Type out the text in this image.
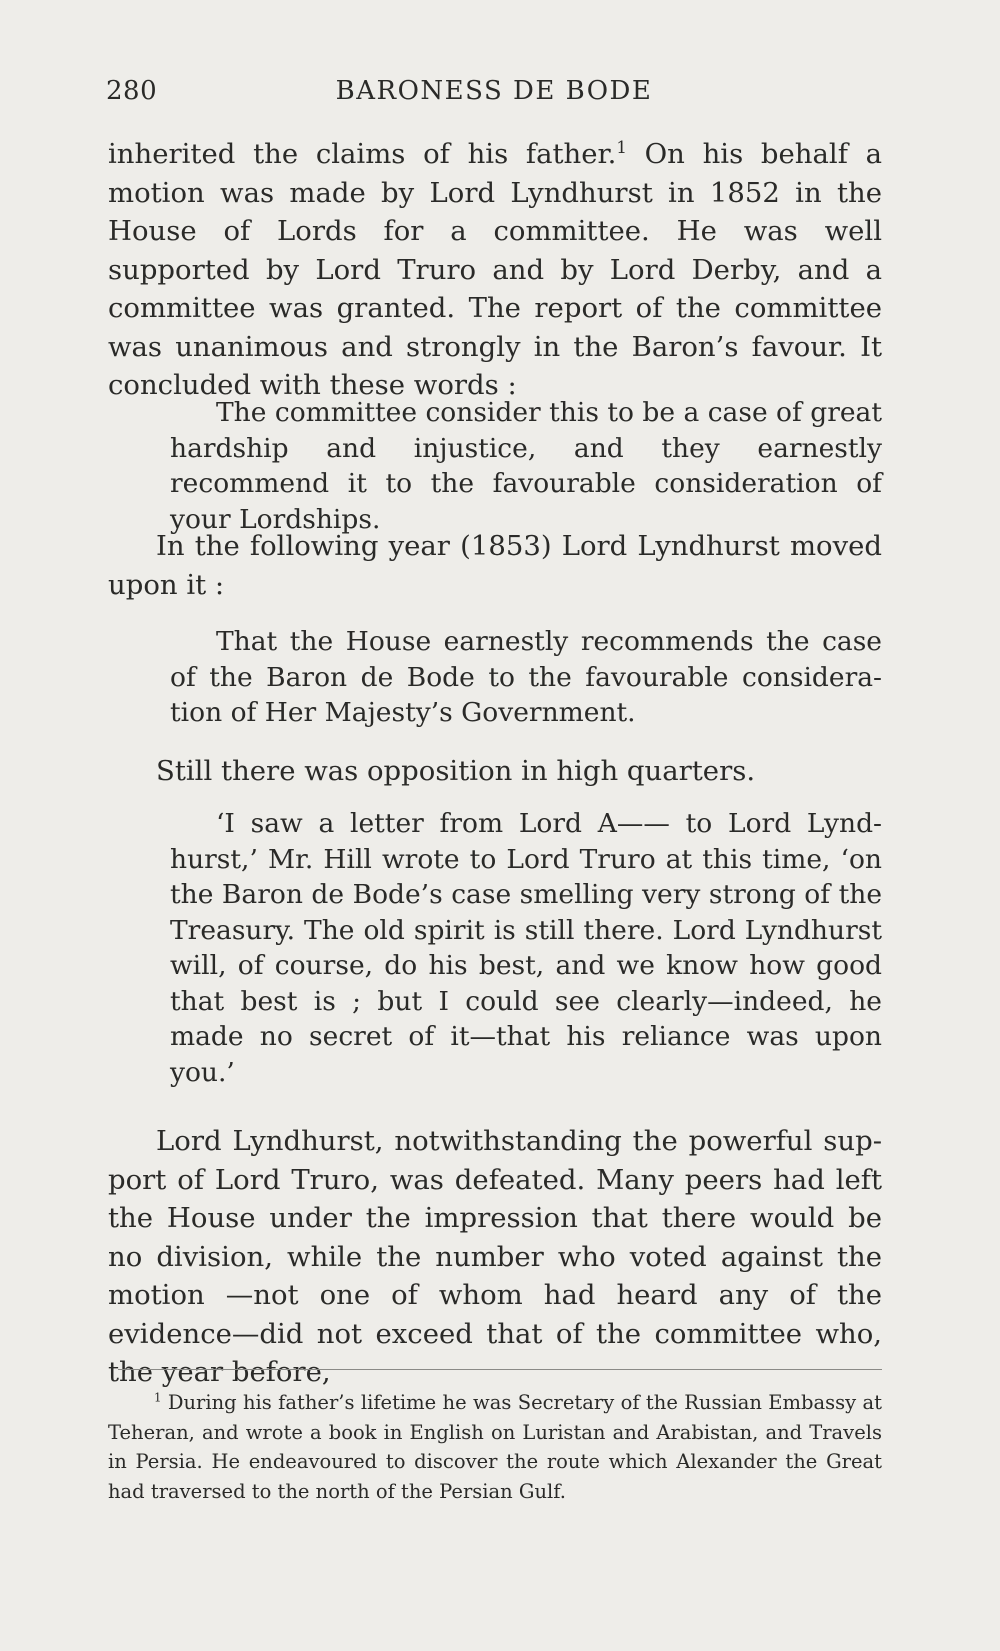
280	BARONESS DE BODE

inherited the claims of his father.$^1$ On his behalf a motion was made by Lord Lyndhurst in 1852 in the House of Lords for a committee. He was well supported by Lord Truro and by Lord Derby, and a committee was granted. The report of the committee was unanimous and strongly in the Baron’s favour. It concluded with these words :

The committee consider this to be a case of great hardship and injustice, and they earnestly recommend it to the favourable consideration of your Lordships.

In the following year (1853) Lord Lyndhurst moved upon it :

That the House earnestly recommends the case of the Baron de Bode to the favourable considera-tion of Her Majesty’s Government.

Still there was opposition in high quarters.

‘I saw a letter from Lord A—— to Lord Lynd-hurst,’ Mr. Hill wrote to Lord Truro at this time, ‘on the Baron de Bode’s case smelling very strong of the Treasury. The old spirit is still there. Lord Lyndhurst will, of course, do his best, and we know how good that best is ; but I could see clearly—indeed, he made no secret of it—that his reliance was upon you.’

Lord Lyndhurst, notwithstanding the powerful sup-port of Lord Truro, was defeated. Many peers had left the House under the impression that there would be no division, while the number who voted against the motion —not one of whom had heard any of the evidence—did not exceed that of the committee who, the year before,

$^1$ During his father’s lifetime he was Secretary of the Russian Embassy at Teheran, and wrote a book in English on Luristan and Arabistan, and Travels in Persia. He endeavoured to discover the route which Alexander the Great had traversed to the north of the Persian Gulf.
